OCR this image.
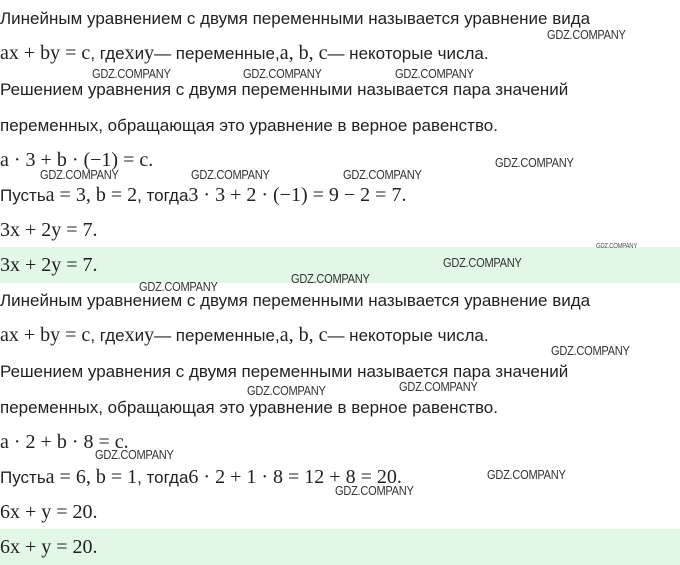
Линейным уравнением с двумя переменными называется уравнение вида
ax + by = c , где x и y — переменные, a, b, c — некоторые числа.
Решением уравнения с двумя переменными называется пара значений
переменных, обращающая это уравнение в верное равенство.
a · 3 + b · (−1) = c.
Пусть a = 3, b = 2 , тогда 3 · 3 + 2 · (−1) = 9 − 2 = 7.
3x + 2y = 7.
3x + 2y = 7.
Линейным уравнением с двумя переменными называется уравнение вида
ax + by = c , где x и y — переменные, a, b, c — некоторые числа.
Решением уравнения с двумя переменными называется пара значений
переменных, обращающая это уравнение в верное равенство.
a · 2 + b · 8 = c.
Пусть a = 6, b = 1 , тогда 6 · 2 + 1 · 8 = 12 + 8 = 20.
6x + y = 20.
6x + y = 20.
GDZ.COMPANY
GDZ.COMPANY	GDZ.COMPANY	GDZ.COMPANY
GDZ.COMPANY
GDZ.COMPANY	GDZ.COMPANY	GDZ.COMPANY
GDZ.COMPANY
GDZ.COMPANY
GDZ.COMPANY
GDZ.COMPANY
GDZ.COMPANY
GDZ.COMPANY
GDZ.COMPANY
GDZ.COMPANY
GDZ.COMPANY
GDZ.COMPANY
